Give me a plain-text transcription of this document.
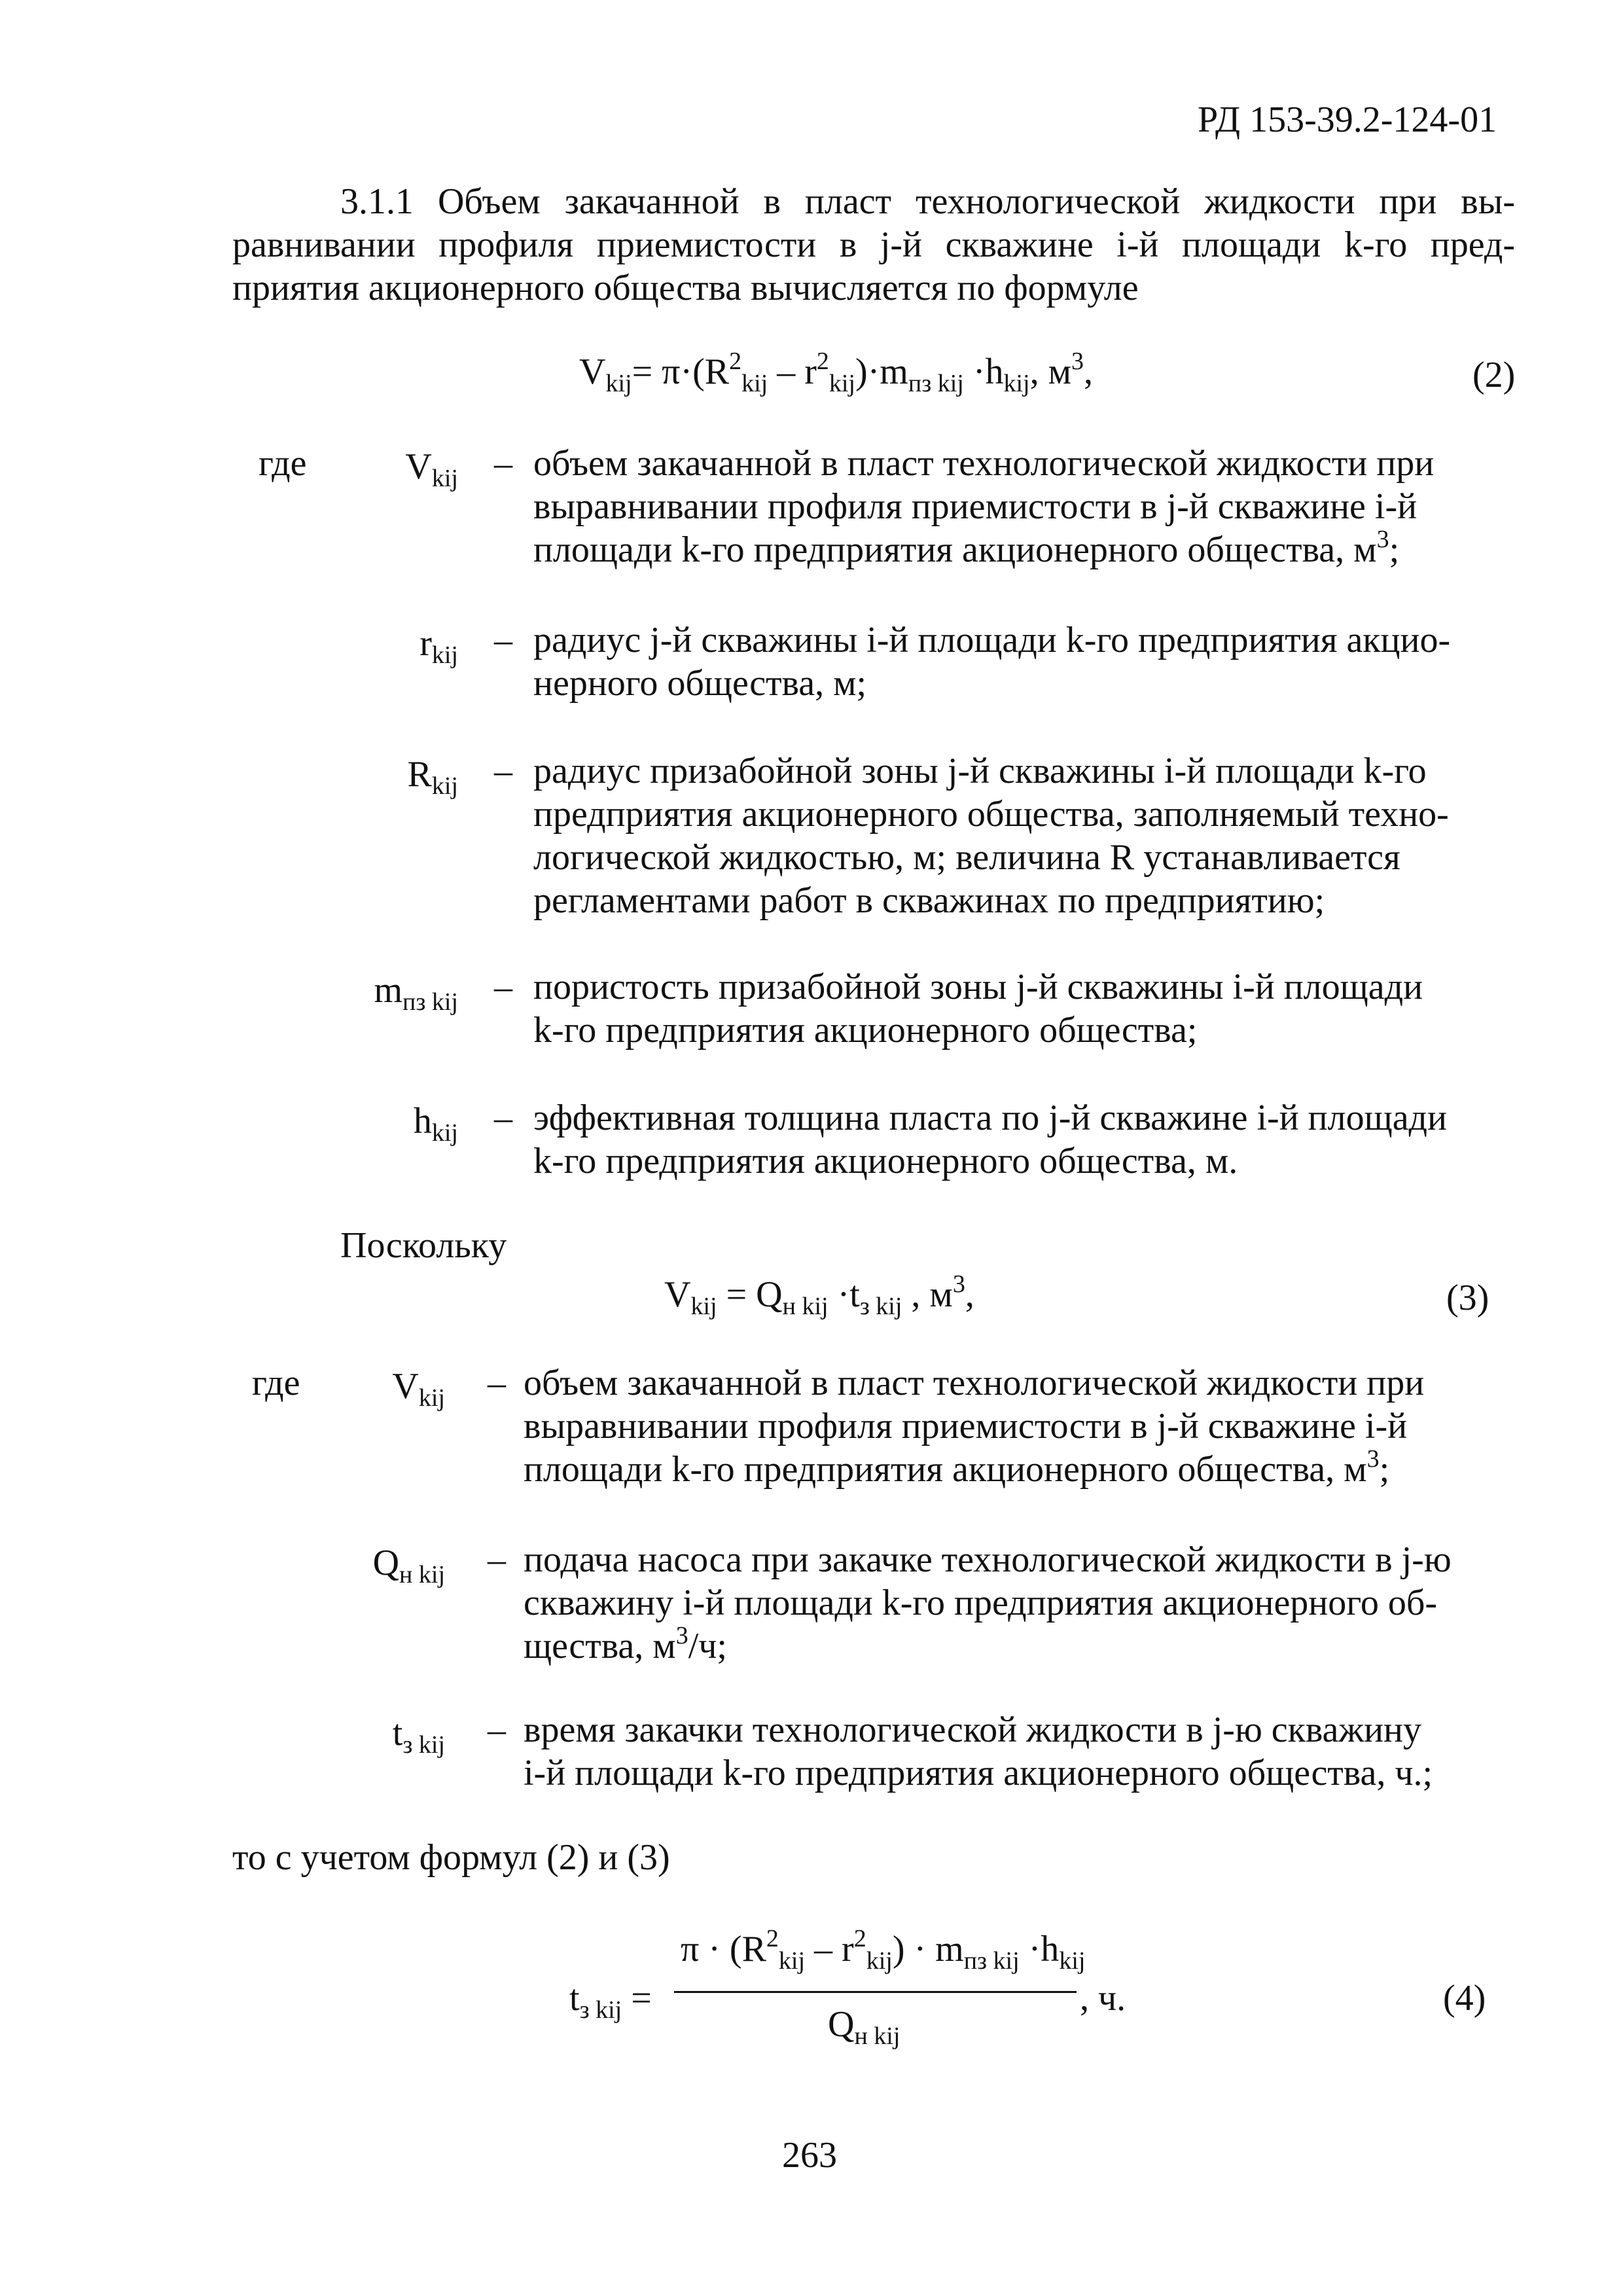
РД 153-39.2-124-01
3.1.1 Объем закачанной в пласт технологической жидкости при вы-
равнивании профиля приемистости в j-й скважине i-й площади k-го пред-
приятия акционерного общества вычисляется по формуле
$V_{kij}= \pi\cdot(R^2_{kij} - r^2_{kij})\cdot m_{пз kij} \cdot h_{kij}$, $м^3$,	(2)
где	$V_{kij}$ – объем закачанной в пласт технологической жидкости при
выравнивании профиля приемистости в j-й скважине i-й
площади k-го предприятия акционерного общества, $м^3$;
$r_{kij}$ – радиус j-й скважины i-й площади k-го предприятия акцио-
нерного общества, м;
$R_{kij}$ – радиус призабойной зоны j-й скважины i-й площади k-го
предприятия акционерного общества, заполняемый техно-
логической жидкостью, м; величина R устанавливается
регламентами работ в скважинах по предприятию;
$m_{пз kij}$ – пористость призабойной зоны j-й скважины i-й площади
k-го предприятия акционерного общества;
$h_{kij}$ – эффективная толщина пласта по j-й скважине i-й площади
k-го предприятия акционерного общества, м.
Поскольку
$V_{kij} = Q_{н kij} \cdot t_{з kij}$ , $м^3$,	(3)
где	$V_{kij}$ – объем закачанной в пласт технологической жидкости при
выравнивании профиля приемистости в j-й скважине i-й
площади k-го предприятия акционерного общества, $м^3$;
$Q_{н kij}$ – подача насоса при закачке технологической жидкости в j-ю
скважину i-й площади k-го предприятия акционерного об-
щества, $м^3/ч$;
$t_{з kij}$ – время закачки технологической жидкости в j-ю скважину
i-й площади k-го предприятия акционерного общества, ч.;
то с учетом формул (2) и (3)
$t_{з kij}$ =
$\pi \cdot (R^2_{kij} - r^2_{kij}) \cdot m_{пз kij} \cdot h_{kij}$
$Q_{н kij}$
, ч.	(4)
263
